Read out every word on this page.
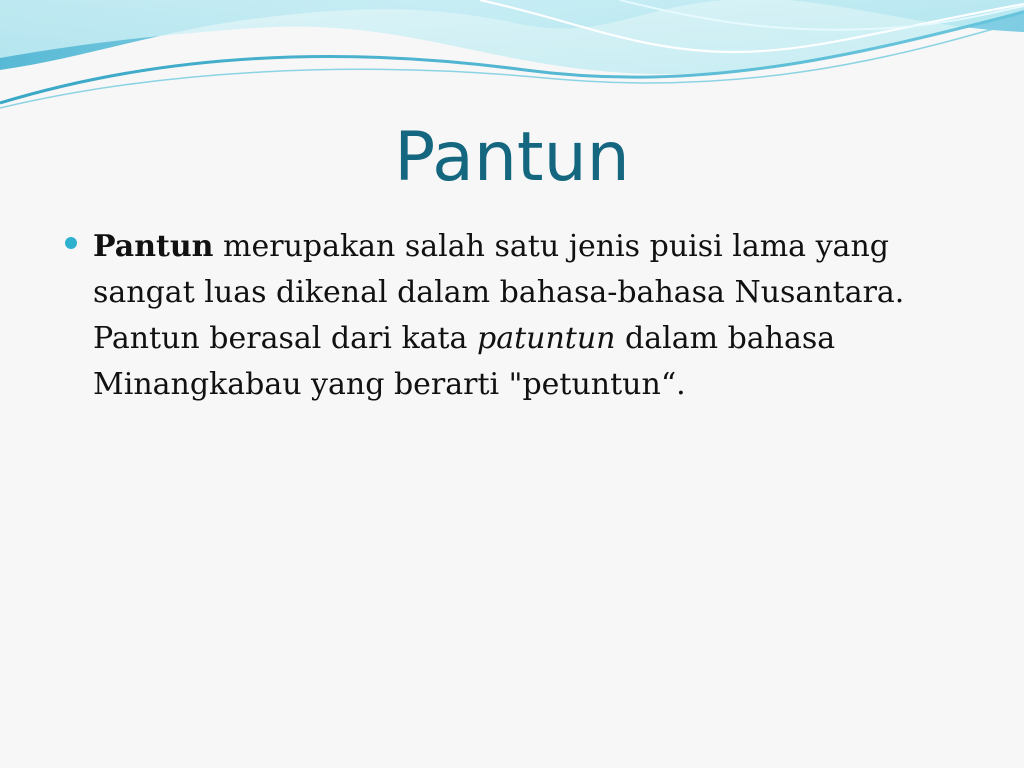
Pantun
Pantun merupakan salah satu jenis puisi lama yang sangat luas dikenal dalam bahasa-bahasa Nusantara. Pantun berasal dari kata patuntun dalam bahasa Minangkabau yang berarti "petuntun“.
